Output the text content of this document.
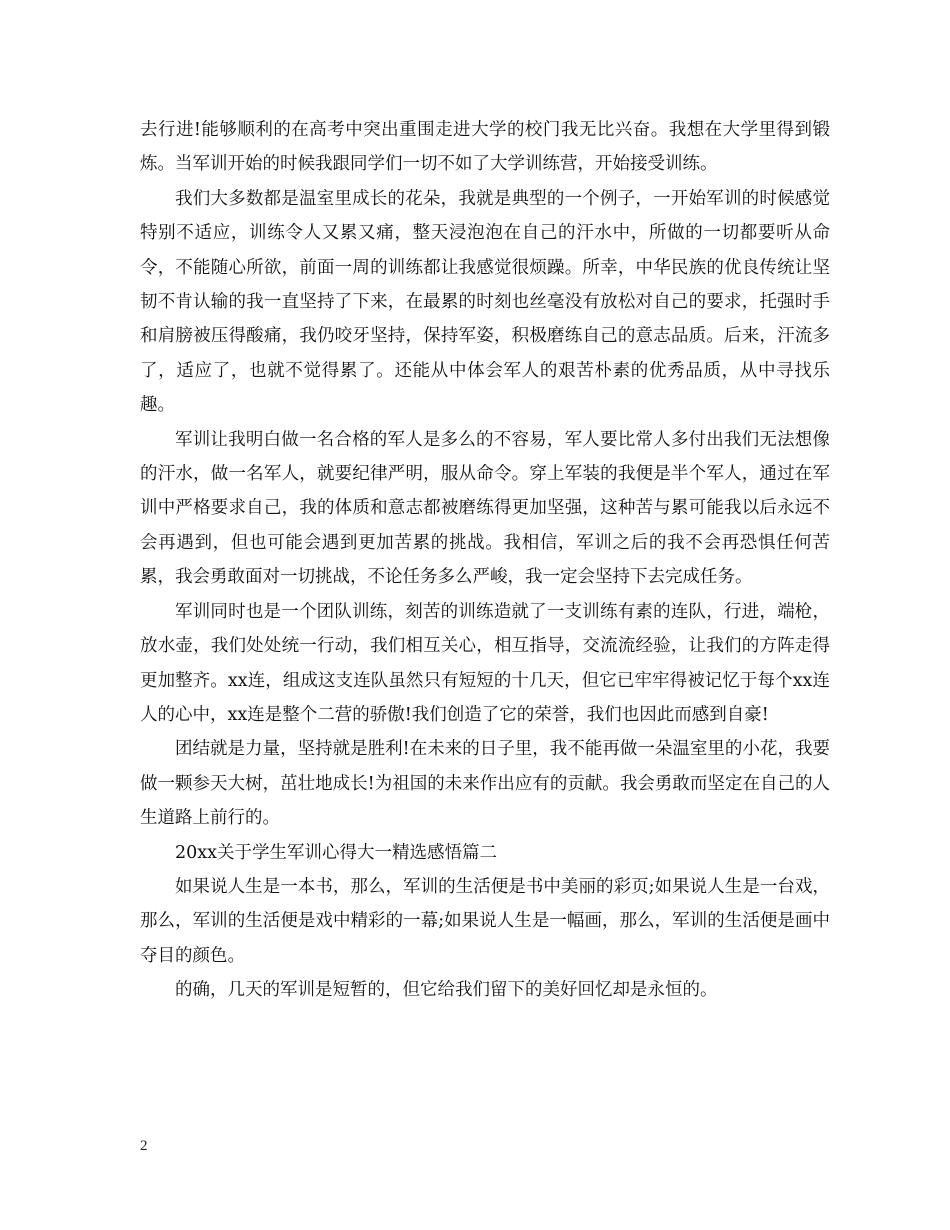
去行进!能够顺利的在高考中突出重围走进大学的校门我无比兴奋。我想在大学里得到锻炼。当军训开始的时候我跟同学们一切不如了大学训练营，开始接受训练。

我们大多数都是温室里成长的花朵，我就是典型的一个例子，一开始军训的时候感觉特别不适应，训练令人又累又痛，整天浸泡泡在自己的汗水中，所做的一切都要听从命令，不能随心所欲，前面一周的训练都让我感觉很烦躁。所幸，中华民族的优良传统让坚韧不肯认输的我一直坚持了下来，在最累的时刻也丝毫没有放松对自己的要求，托强时手和肩膀被压得酸痛，我仍咬牙坚持，保持军姿，积极磨练自己的意志品质。后来，汗流多了，适应了，也就不觉得累了。还能从中体会军人的艰苦朴素的优秀品质，从中寻找乐趣。

军训让我明白做一名合格的军人是多么的不容易，军人要比常人多付出我们无法想像的汗水，做一名军人，就要纪律严明，服从命令。穿上军装的我便是半个军人，通过在军训中严格要求自己，我的体质和意志都被磨练得更加坚强，这种苦与累可能我以后永远不会再遇到，但也可能会遇到更加苦累的挑战。我相信，军训之后的我不会再恐惧任何苦累，我会勇敢面对一切挑战，不论任务多么严峻，我一定会坚持下去完成任务。

军训同时也是一个团队训练，刻苦的训练造就了一支训练有素的连队，行进，端枪，放水壶，我们处处统一行动，我们相互关心，相互指导，交流流经验，让我们的方阵走得更加整齐。xx连，组成这支连队虽然只有短短的十几天，但它已牢牢得被记忆于每个xx连人的心中，xx连是整个二营的骄傲!我们创造了它的荣誉，我们也因此而感到自豪!

团结就是力量，坚持就是胜利!在未来的日子里，我不能再做一朵温室里的小花，我要做一颗参天大树，茁壮地成长!为祖国的未来作出应有的贡献。我会勇敢而坚定在自己的人生道路上前行的。

20xx关于学生军训心得大一精选感悟篇二

如果说人生是一本书，那么，军训的生活便是书中美丽的彩页;如果说人生是一台戏，那么，军训的生活便是戏中精彩的一幕;如果说人生是一幅画，那么，军训的生活便是画中夺目的颜色。

的确，几天的军训是短暂的，但它给我们留下的美好回忆却是永恒的。

2
